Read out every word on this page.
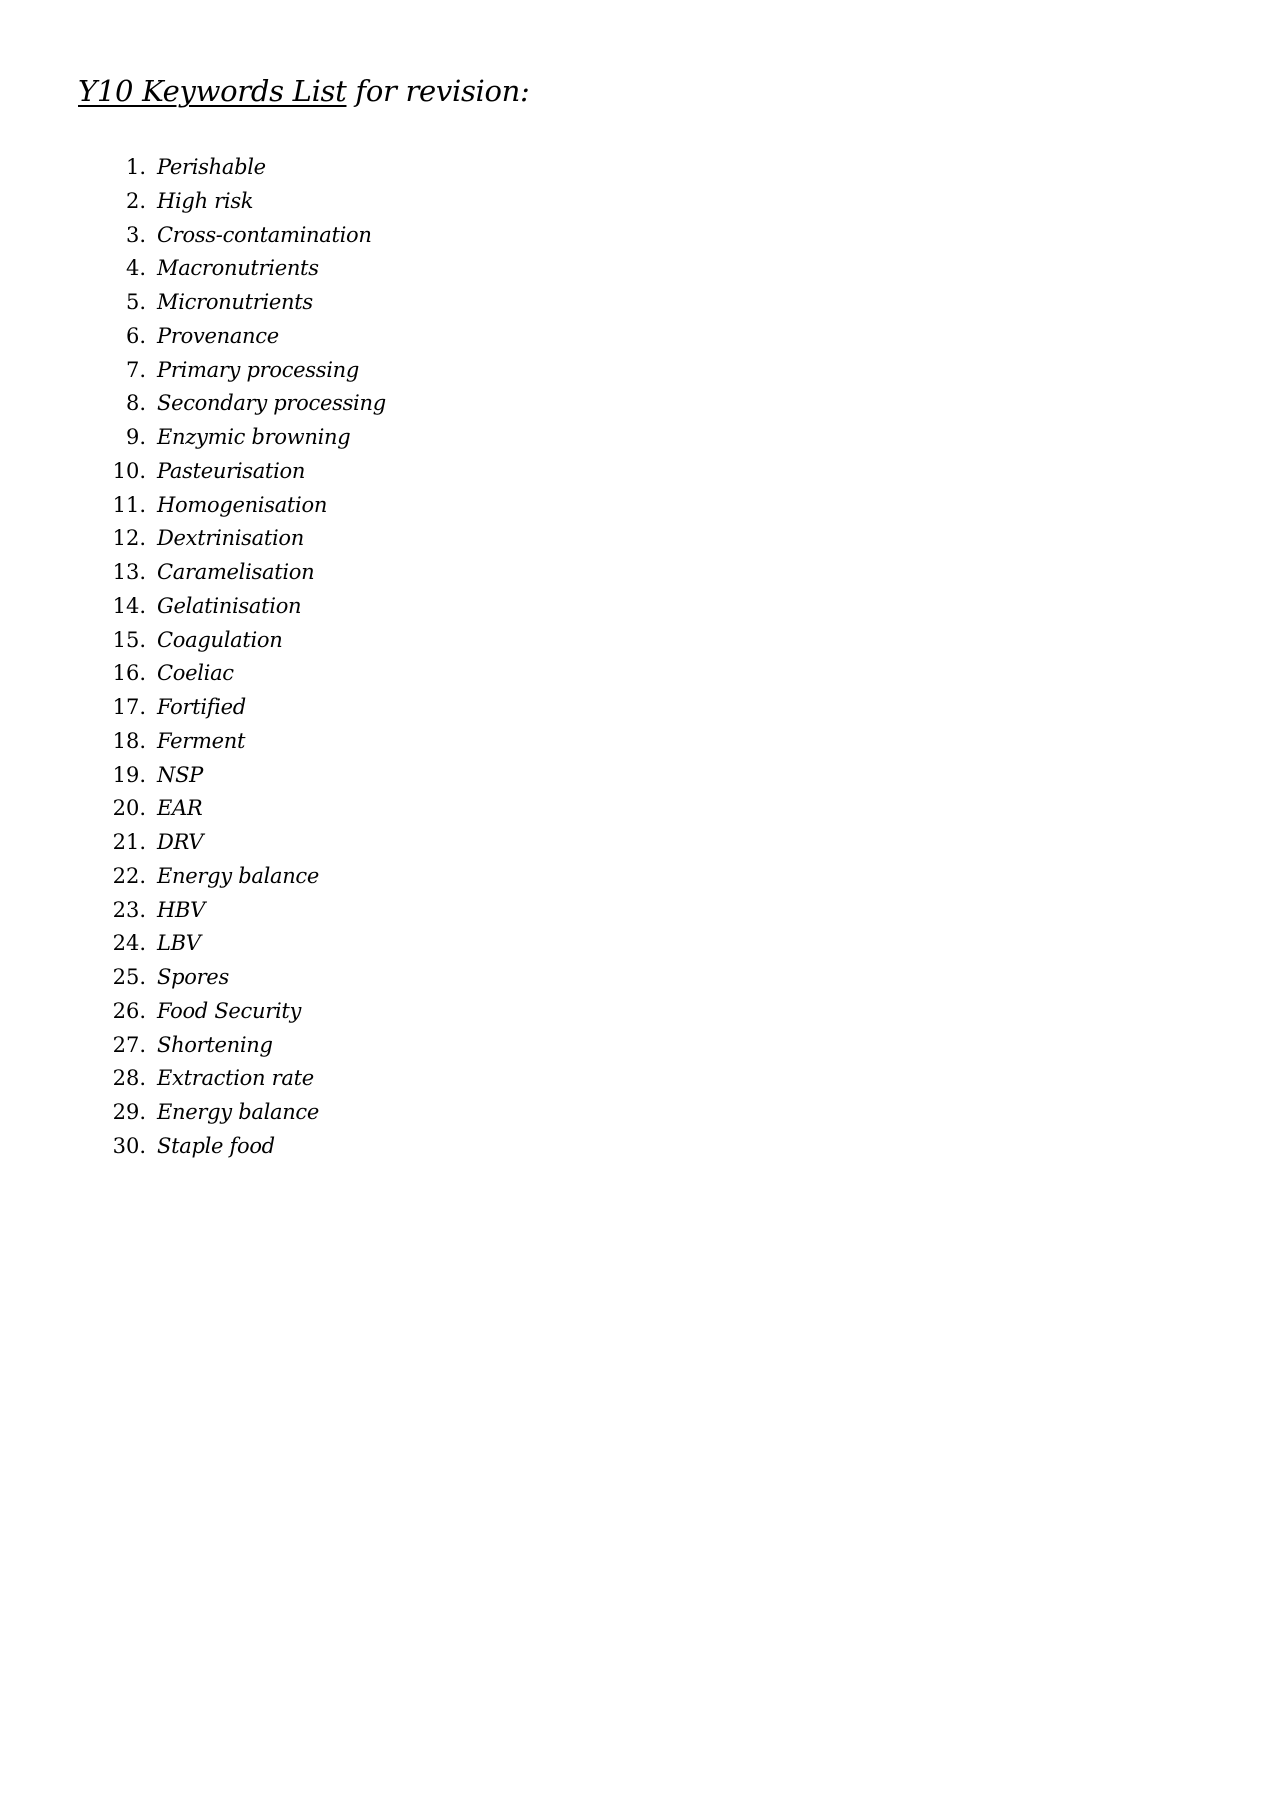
Y10 Keywords List for revision:
1. Perishable
2. High risk
3. Cross-contamination
4. Macronutrients
5. Micronutrients
6. Provenance
7. Primary processing
8. Secondary processing
9. Enzymic browning
10. Pasteurisation
11. Homogenisation
12. Dextrinisation
13. Caramelisation
14. Gelatinisation
15. Coagulation
16. Coeliac
17. Fortified
18. Ferment
19. NSP
20. EAR
21. DRV
22. Energy balance
23. HBV
24. LBV
25. Spores
26. Food Security
27. Shortening
28. Extraction rate
29. Energy balance
30. Staple food
